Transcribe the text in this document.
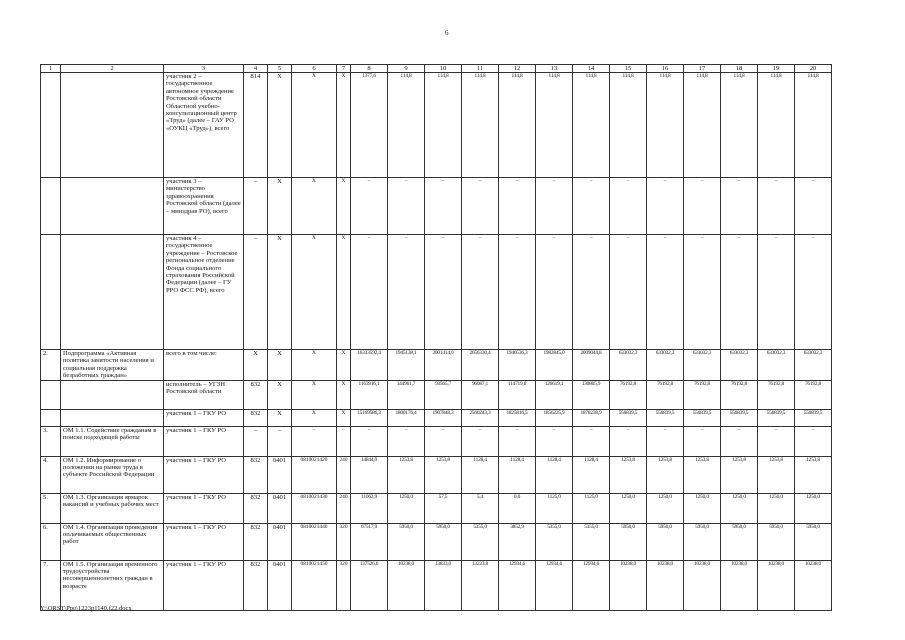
6
1	2	3	4	5	6	7	8	9	10	11	12	13	14	15	16	17	18	19	20
		участник 2 – государственное автономное учреждение Ростовской области Областной учебно-консультационный центр «Труд» (далее – ГАУ РО «ОУКЦ «Труд»), всего	814	Х	Х	Х	1377,6	114,8	114,8	114,8	114,8	114,8	114,8	114,8	114,8	114,8	114,8	114,8	114,8
		участник 3 – министерство здравоохранения Ростовской области (далее – минздрав РО), всего	–	Х	Х	Х	–	–	–	–	–	–	–	–	–	–	–	–	–
		участник 4 – государственное учреждение – Ростовское региональное отделение Фонда социального страхования Российской Федерации (далее – ГУ РРО ФСС РФ), всего	–	Х	Х	Х	–	–	–	–	–	–	–	–	–	–	–	–	–
2.	Подпрограмма «Активная политика занятости населения и социальная поддержка безработных граждан»	всего в том числе:	Х	Х	Х	Х	16333592,4	1945138,1	2001414,0	2656330,4	1940536,3	1982845,0	2009044,8	633032,3	633032,3	633032,3	633032,3	633032,3	633032,3
		исполнитель – УГЗН Ростовской области	832	Х	Х	Х	1163916,1	144961,7	93565,7	96087,1	114719,8	126619,1	130805,9	76192,8	76192,8	76192,8	76192,8	76192,8	76192,8
		участник 1 – ГКУ РО	832	Х	Х	Х	15169586,3	1800176,4	1907848,3	2560243,3	1825816,5	1856225,9	1878238,9	556839,5	556839,5	556839,5	556839,5	556839,5	556839,5
3.	ОМ 1.1. Содействие гражданам в поиске подходящей работы	участник 1 – ГКУ РО	–	–	–	–	–	–	–	–	–	–	–	–	–	–	–	–	–
4.	ОМ 1.2. Информирование о положении на рынке труда в субъекте Российской Федерации	участник 1 – ГКУ РО	832	0401	0810021420	240	14844,0	1253,8	1253,8	1128,4	1128,4	1128,4	1128,4	1253,8	1253,8	1253,8	1253,8	1253,8	1253,8
5.	ОМ 1.3. Организация ярмарок вакансий и учебных рабочих мест	участник 1 – ГКУ РО	832	0401	0810021430	240	11062,9	1250,0	57,5	5,4	0,0	1125,0	1125,0	1250,0	1250,0	1250,0	1250,0	1250,0	1250,0
6.	ОМ 1.4. Организация проведения оплачиваемых общественных работ	участник 1 – ГКУ РО	832	0401	0810021440	320	67517,9	5950,0	5950,0	5355,0	3852,9	5355,0	5355,0	5950,0	5950,0	5950,0	5950,0	5950,0	5950,0
7.	ОМ 1.5. Организация временного трудоустройства несовершеннолетних граждан в возрасте	участник 1 – ГКУ РО	832	0401	0810021450	320	137526,6	10238,0	13833,0	13223,8	12934,6	12934,6	12934,6	10238,0	10238,0	10238,0	10238,0	10238,0	10238,0
Y:\ORST\Ppo\1223p1140.f22.docx
